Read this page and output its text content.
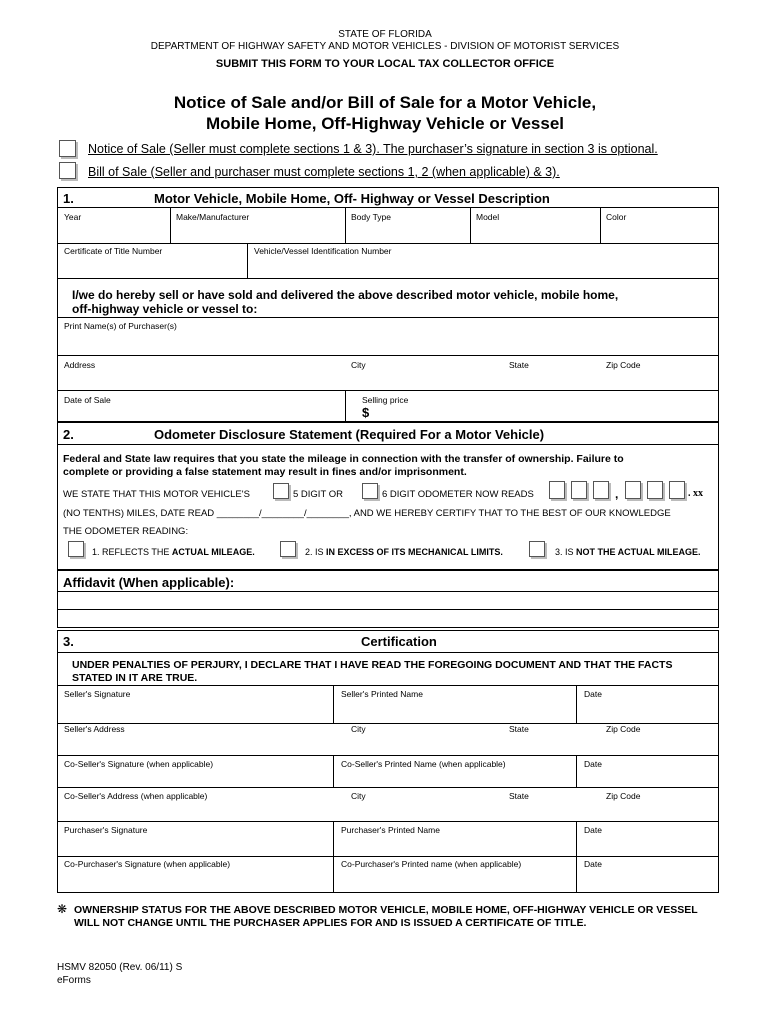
STATE OF FLORIDA
DEPARTMENT OF HIGHWAY SAFETY AND MOTOR VEHICLES - DIVISION OF MOTORIST SERVICES
SUBMIT THIS FORM TO YOUR LOCAL TAX COLLECTOR OFFICE
Notice of Sale and/or Bill of Sale for a Motor Vehicle,
Mobile Home, Off-Highway Vehicle or Vessel
Notice of Sale (Seller must complete sections 1 & 3). The purchaser’s signature in section 3 is optional.
Bill of Sale (Seller and purchaser must complete sections 1, 2 (when applicable) & 3).
1.	Motor Vehicle, Mobile Home, Off- Highway or Vessel Description
Year	Make/Manufacturer	Body Type	Model	Color
Certificate of Title Number	Vehicle/Vessel Identification Number
I/we do hereby sell or have sold and delivered the above described motor vehicle, mobile home,
off-highway vehicle or vessel to:
Print Name(s) of Purchaser(s)
Address	City	State	Zip Code
Date of Sale	Selling price
$
2.	Odometer Disclosure Statement (Required For a Motor Vehicle)
Federal and State law requires that you state the mileage in connection with the transfer of ownership. Failure to
complete or providing a false statement may result in fines and/or imprisonment.
WE STATE THAT THIS MOTOR VEHICLE'S	5 DIGIT OR	6 DIGIT ODOMETER NOW READS	,	. xx
(NO TENTHS) MILES, DATE READ ________/________/________, AND WE HEREBY CERTIFY THAT TO THE BEST OF OUR KNOWLEDGE
THE ODOMETER READING:
1. REFLECTS THE ACTUAL MILEAGE.	2. IS IN EXCESS OF ITS MECHANICAL LIMITS.	3. IS NOT THE ACTUAL MILEAGE.
Affidavit (When applicable):
3.	Certification
UNDER PENALTIES OF PERJURY, I DECLARE THAT I HAVE READ THE FOREGOING DOCUMENT AND THAT THE FACTS
STATED IN IT ARE TRUE.
Seller's Signature	Seller's Printed Name	Date
Seller's Address	City	State	Zip Code
Co-Seller's Signature (when applicable)	Co-Seller's Printed Name (when applicable)	Date
Co-Seller's Address (when applicable)	City	State	Zip Code
Purchaser's Signature	Purchaser's Printed Name	Date
Co-Purchaser's Signature (when applicable)	Co-Purchaser's Printed name (when applicable)	Date
❋ OWNERSHIP STATUS FOR THE ABOVE DESCRIBED MOTOR VEHICLE, MOBILE HOME, OFF-HIGHWAY VEHICLE OR VESSEL
WILL NOT CHANGE UNTIL THE PURCHASER APPLIES FOR AND IS ISSUED A CERTIFICATE OF TITLE.
HSMV 82050 (Rev. 06/11) S
eForms
